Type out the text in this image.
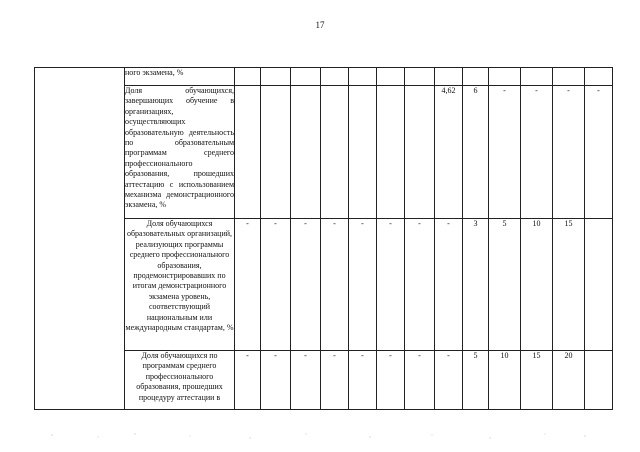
17
	ного экзамена, %													
	Доля обучающихся, завершающих обучение в организациях, осуществляющих образовательную деятельность по образовательным программам среднего профессионального образования, прошедших аттестацию с использованием механизма демонстрационного экзамена, %								4,62	6	-	-	-	-
	Доля обучающихся образовательных организаций, реализующих программы среднего профессионального образования, продемонстрировавших по итогам демонстрационного экзамена уровень, соответствующий национальным или международным стандартам, %	-	-	-	-	-	-	-	-	3	5	10	15	
	Доля обучающихся по программам среднего профессионального образования, прошедших процедуру аттестации в	-	-	-	-	-	-	-	-	5	10	15	20	
